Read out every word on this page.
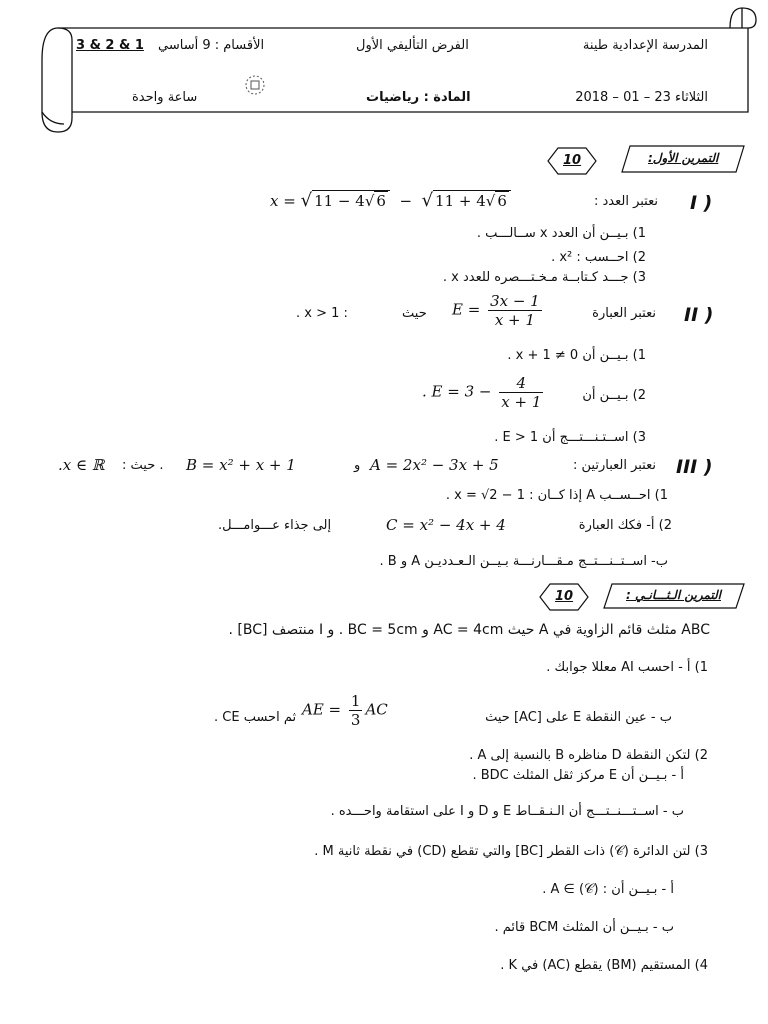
المدرسة الإعدادية طينة
الفرض التأليفي الأول
الأقسام : 9 أساسي
3 & 2 & 1
الثلاثاء 23 – 01 – 2018
المادة : رياضيات
ساعة واحدة
التمرين الأول:
10
I )
نعتبر العدد :
x = √ 11 − 4√ 6  −  √ 11 + 4√ 6
1) بـيــن أن العدد x ســالـــب .
2) احــسب : x² .
3) جـــد كـتابــة مـخـتـــصره للعدد x .
II )
نعتبر العبارة
$E = \frac{3x - 1}{x + 1}$
حيث
: x > 1 .
1) بـيــن أن x + 1 ≠ 0 .
2) بـيــن أن
. $E = 3 - \frac{4}{x + 1}$
3) اســتـنـــتـــج أن E > 1 .
III )
نعتبر العبارتين :
A = 2x² − 3x + 5
و
B = x² + x + 1
. حيث :
.x ∈ ℝ
1) احــســب A إذا كــان : x = √2 − 1 .
2) أ- فكك العبارة
C = x² − 4x + 4
إلى جذاء عـــوامـــل.
ب- اســتــنـــتــج مـقـــارنـــة بـيــن الـعـدديـن A و B .
التمرين الـثـــانـي :
10
ABC مثلث قائم الزاوية في A حيث AC = 4cm و BC = 5cm . و I منتصف [BC] .
1) أ - احسب AI معللا جوابك .
ب - عين النقطة E على [AC] حيث
AE = $\frac{1}{3}$ AC
ثم احسب CE .
2) لتكن النقطة D مناظره B بالنسبة إلى A .
أ - بـيــن أن E مركز ثقل المثلث BDC .
ب - اســتـــنــتـــج أن الـنـقــاط E و D و I على استقامة واحـــده .
3) لتن الدائرة (𝒞) ذات القطر [BC] والتي تقطع (CD) في نقطة ثانية M .
أ - بـيــن أن : A ∈ (𝒞) .
ب - بـيــن أن المثلث BCM قائم .
4) المستقيم (BM) يقطع (AC) في K .
